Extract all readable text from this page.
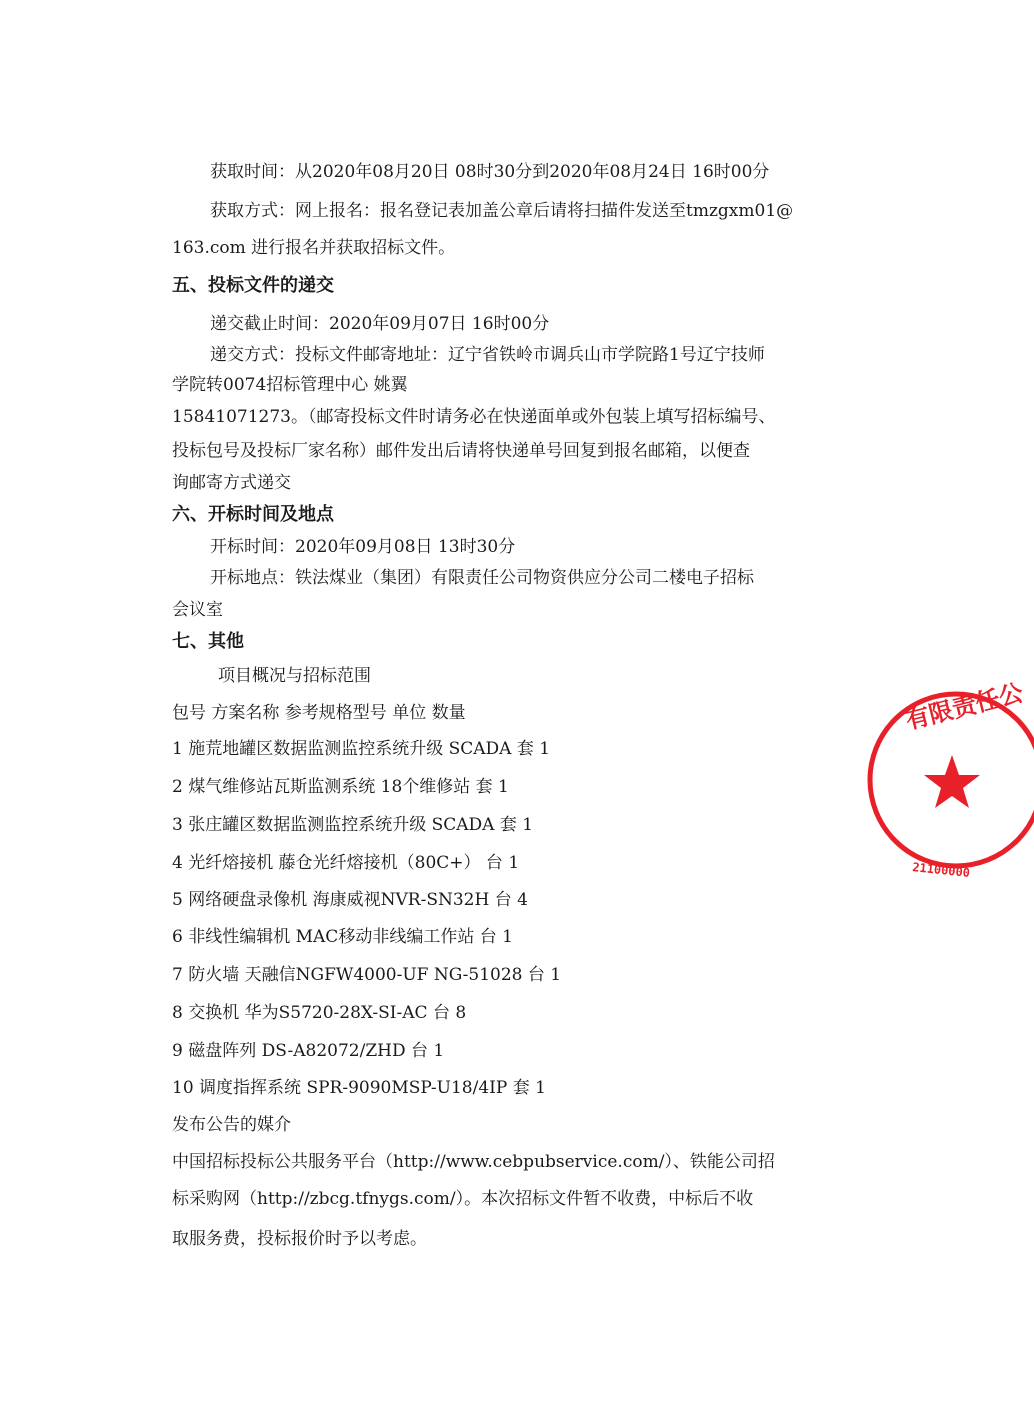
获取时间：从2020年08月20日 08时30分到2020年08月24日 16时00分
获取方式：网上报名：报名登记表加盖公章后请将扫描件发送至tmzgxm01@
163.com 进行报名并获取招标文件。
五、投标文件的递交
递交截止时间：2020年09月07日 16时00分
递交方式：投标文件邮寄地址：辽宁省铁岭市调兵山市学院路1号辽宁技师
学院转0074招标管理中心 姚翼
15841071273。（邮寄投标文件时请务必在快递面单或外包装上填写招标编号、
投标包号及投标厂家名称）邮件发出后请将快递单号回复到报名邮箱，以便查
询邮寄方式递交
六、开标时间及地点
开标时间：2020年09月08日 13时30分
开标地点：铁法煤业（集团）有限责任公司物资供应分公司二楼电子招标
会议室
七、其他
项目概况与招标范围
包号 方案名称 参考规格型号 单位 数量
1 施荒地罐区数据监测监控系统升级 SCADA 套 1
2 煤气维修站瓦斯监测系统 18个维修站 套 1
3 张庄罐区数据监测监控系统升级 SCADA 套 1
4 光纤熔接机 藤仓光纤熔接机（80C+） 台 1
5 网络硬盘录像机 海康威视NVR-SN32H 台 4
6 非线性编辑机 MAC移动非线编工作站 台 1
7 防火墙 天融信NGFW4000-UF NG-51028 台 1
8 交换机 华为S5720-28X-SI-AC 台 8
9 磁盘阵列 DS-A82072/ZHD 台 1
10 调度指挥系统 SPR-9090MSP-U18/4IP 套 1
发布公告的媒介
中国招标投标公共服务平台（http://www.cebpubservice.com/）、铁能公司招
标采购网（http://zbcg.tfnygs.com/）。本次招标文件暂不收费，中标后不收
取服务费，投标报价时予以考虑。
有限责任公
21100000
